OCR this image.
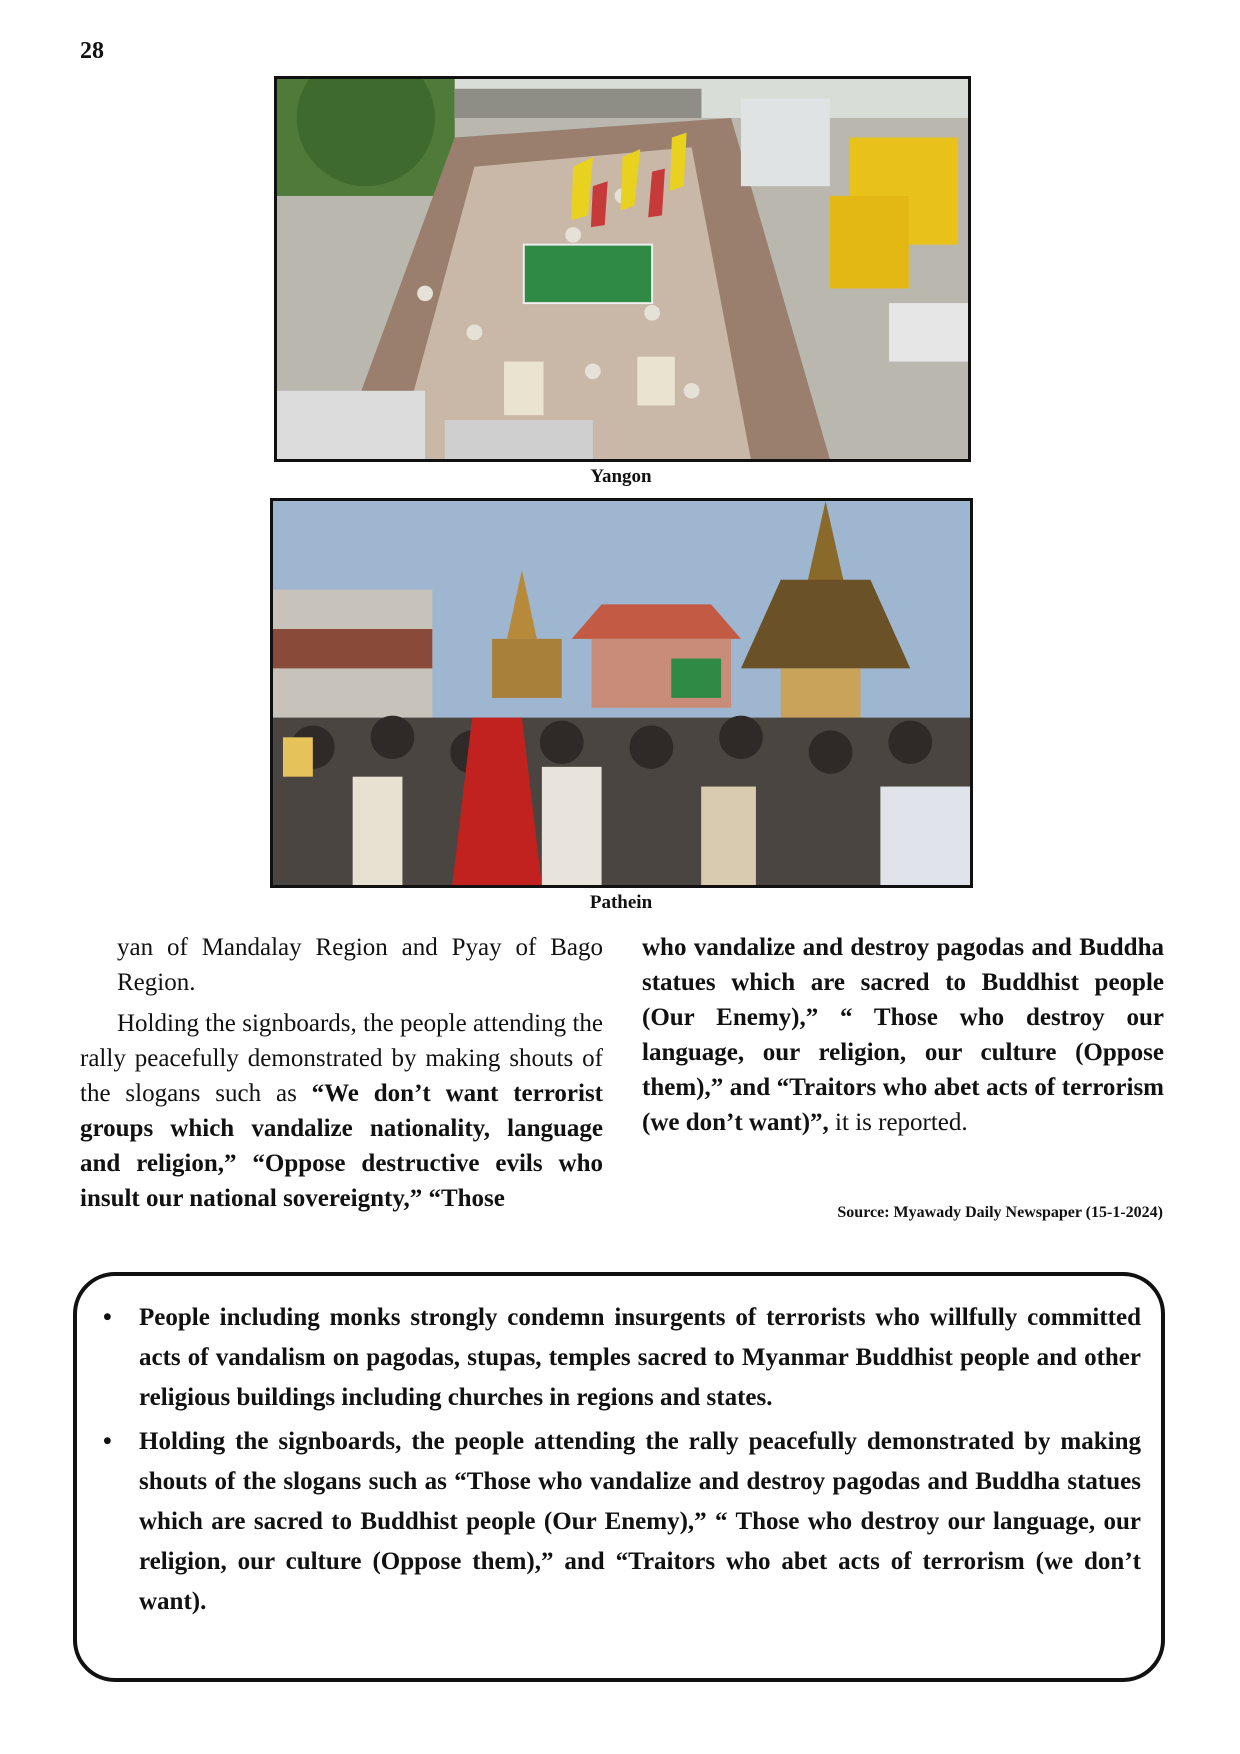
28
Yangon
Pathein

yan of Mandalay Region and Pyay of Bago Region.

Holding the signboards, the people attending the rally peacefully demonstrated by making shouts of the slogans such as “We don’t want terrorist groups which vandalize nationality, language and religion,” “Oppose destructive evils who insult our national sovereignty,” “Those

who vandalize and destroy pagodas and Buddha statues which are sacred to Buddhist people (Our Enemy),” “ Those who destroy our language, our religion, our culture (Oppose them),” and “Traitors who abet acts of terrorism (we don’t want)”, it is reported.

Source: Myawady Daily Newspaper (15-1-2024)
• People including monks strongly condemn insurgents of terrorists who willfully committed acts of vandalism on pagodas, stupas, temples sacred to Myanmar Buddhist people and other religious buildings including churches in regions and states.
• Holding the signboards, the people attending the rally peacefully demonstrated by making shouts of the slogans such as “Those who vandalize and destroy pagodas and Buddha statues which are sacred to Buddhist people (Our Enemy),” “ Those who destroy our language, our religion, our culture (Oppose them),” and “Traitors who abet acts of terrorism (we don’t want).
